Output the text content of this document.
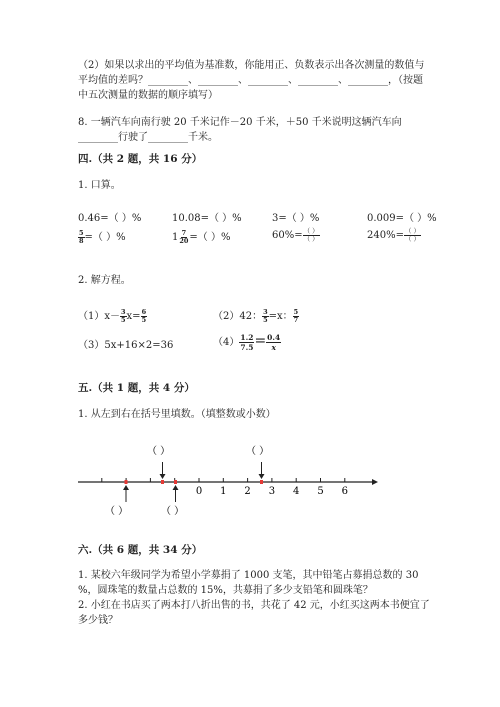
（2）如果以求出的平均值为基准数，你能用正、负数表示出各次测量的数值与
平均值的差吗？________、________、________、________、________，（按题
中五次测量的数据的顺序填写）
8. 一辆汽车向南行驶 20 千米记作－20 千米，＋50 千米说明这辆汽车向
________行驶了________千米。
四.（共 2 题，共 16 分）
1. 口算。
0.46=（ ）%	10.08=（ ）%	3=（ ）%	0.009=（ ）%
$\frac{5}{8}$ =（ ）%	$1 \frac{7}{20}$ =（ ）%	$60\%= \frac{( )}{( )}$	$240\%= \frac{( )}{( )}$
2. 解方程。
$(1)x- \frac{3}{5} x= \frac{6}{5}$	（2）42： $\frac{3}{5} =x$： $\frac{5}{7}$
（3）5x+16×2=36	$(4) \frac{1.2}{7.5} = \frac{0.4}{x}$
五.（共 1 题，共 4 分）
1. 从左到右在括号里填数。（填整数或小数）
0 1 2 3 4 5 6
（ ）	（ ）
（ ）	（ ）
六.（共 6 题，共 34 分）
1. 某校六年级同学为希望小学募捐了 1000 支笔，其中铅笔占募捐总数的 30
%，圆珠笔的数量占总数的 15%，共募捐了多少支铅笔和圆珠笔？
2. 小红在书店买了两本打八折出售的书，共花了 42 元，小红买这两本书便宜了
多少钱？
